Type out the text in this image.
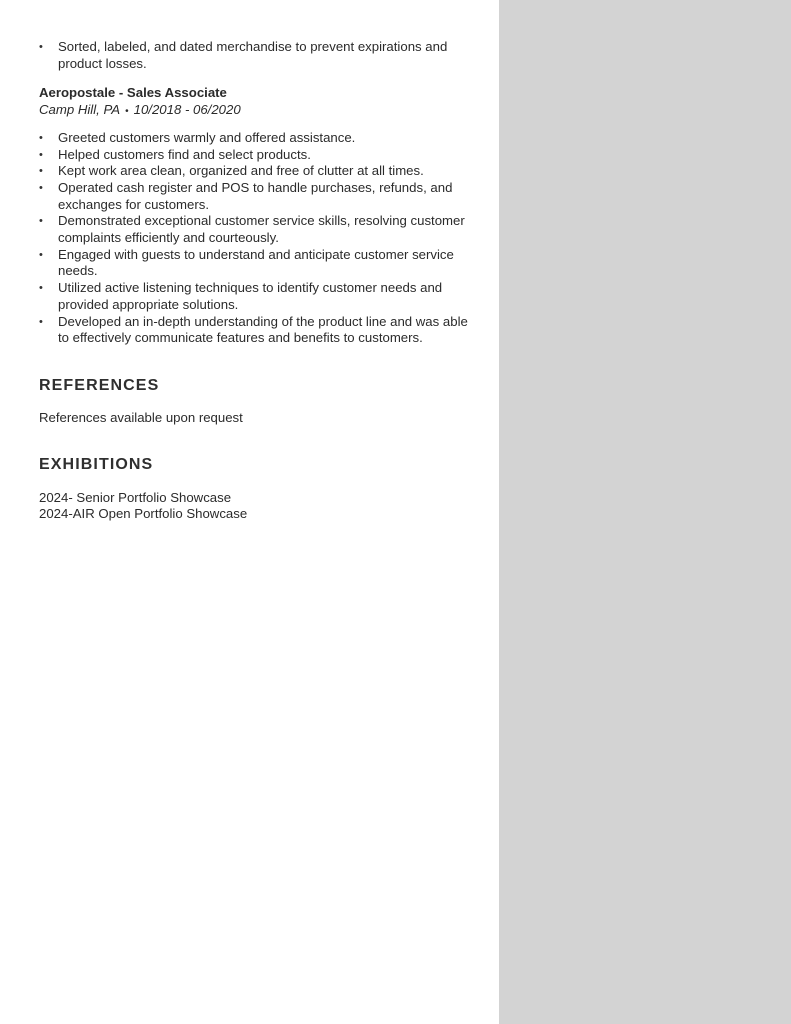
• Sorted, labeled, and dated merchandise to prevent expirations and product losses.
Aeropostale - Sales Associate
Camp Hill, PA • 10/2018 - 06/2020
• Greeted customers warmly and offered assistance.
• Helped customers find and select products.
• Kept work area clean, organized and free of clutter at all times.
• Operated cash register and POS to handle purchases, refunds, and exchanges for customers.
• Demonstrated exceptional customer service skills, resolving customer complaints efficiently and courteously.
• Engaged with guests to understand and anticipate customer service needs.
• Utilized active listening techniques to identify customer needs and provided appropriate solutions.
• Developed an in-depth understanding of the product line and was able to effectively communicate features and benefits to customers.
REFERENCES
References available upon request
EXHIBITIONS
2024- Senior Portfolio Showcase
2024-AIR Open Portfolio Showcase
